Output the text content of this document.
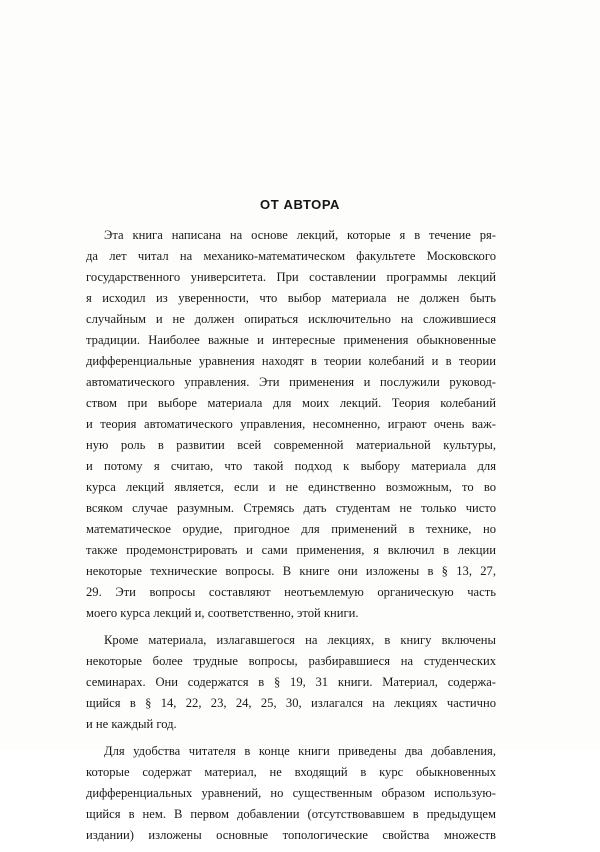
ОТ АВТОРА
Эта книга написана на основе лекций, которые я в течение ря-
да лет читал на механико-математическом факультете Московского
государственного университета. При составлении программы лекций
я исходил из уверенности, что выбор материала не должен быть
случайным и не должен опираться исключительно на сложившиеся
традиции. Наиболее важные и интересные применения обыкновенные
дифференциальные уравнения находят в теории колебаний и в теории
автоматического управления. Эти применения и послужили руковод-
ством при выборе материала для моих лекций. Теория колебаний
и теория автоматического управления, несомненно, играют очень важ-
ную роль в развитии всей современной материальной культуры,
и потому я считаю, что такой подход к выбору материала для
курса лекций является, если и не единственно возможным, то во
всяком случае разумным. Стремясь дать студентам не только чисто
математическое орудие, пригодное для применений в технике, но
также продемонстрировать и сами применения, я включил в лекции
некоторые технические вопросы. В книге они изложены в § 13, 27,
29. Эти вопросы составляют неотъемлемую органическую часть
моего курса лекций и, соответственно, этой книги.
Кроме материала, излагавшегося на лекциях, в книгу включены
некоторые более трудные вопросы, разбиравшиеся на студенческих
семинарах. Они содержатся в § 19, 31 книги. Материал, содержа-
щийся в § 14, 22, 23, 24, 25, 30, излагался на лекциях частично
и не каждый год.
Для удобства читателя в конце книги приведены два добавления,
которые содержат материал, не входящий в курс обыкновенных
дифференциальных уравнений, но существенным образом использую-
щийся в нем. В первом добавлении (отсутствовавшем в предыдущем
издании) изложены основные топологические свойства множеств
